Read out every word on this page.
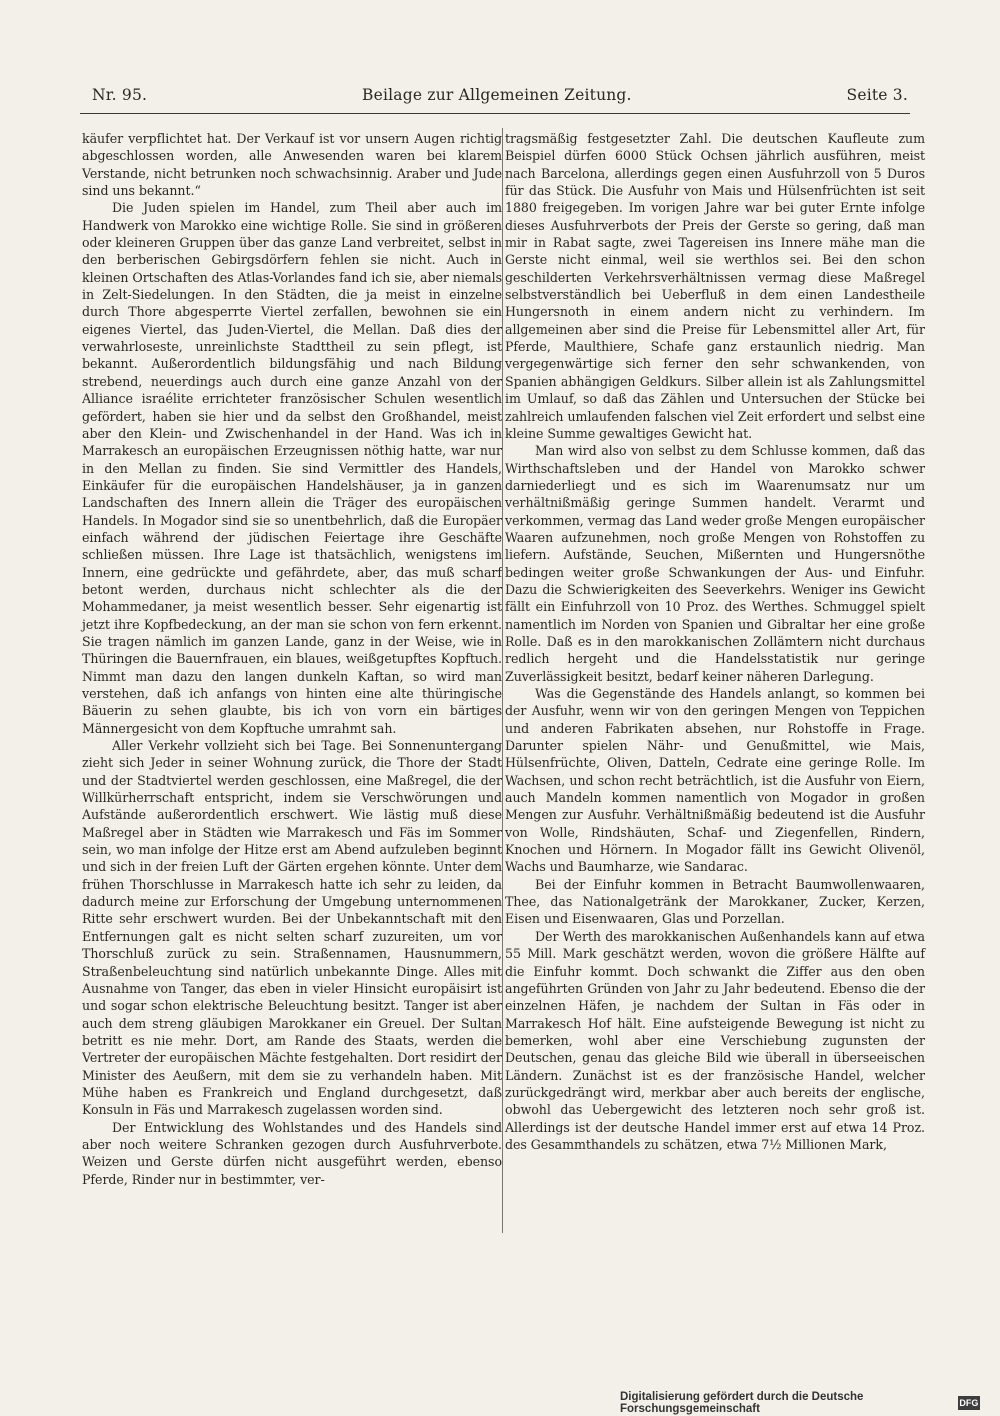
Nr. 95.	Beilage zur Allgemeinen Zeitung.	Seite 3.

käufer verpflichtet hat. Der Verkauf ist vor unsern Augen richtig abgeschlossen worden, alle Anwesenden waren bei klarem Verstande, nicht betrunken noch schwachsinnig. Araber und Jude sind uns bekannt.“

Die Juden spielen im Handel, zum Theil aber auch im Handwerk von Marokko eine wichtige Rolle. Sie sind in größeren oder kleineren Gruppen über das ganze Land verbreitet, selbst in den berberischen Gebirgsdörfern fehlen sie nicht. Auch in kleinen Ortschaften des Atlas-Vorlandes fand ich sie, aber niemals in Zelt-Siedelungen. In den Städten, die ja meist in einzelne durch Thore abgesperrte Viertel zerfallen, bewohnen sie ein eigenes Viertel, das Juden-Viertel, die Mellan. Daß dies der verwahrloseste, unreinlichste Stadttheil zu sein pflegt, ist bekannt. Außerordentlich bildungsfähig und nach Bildung strebend, neuerdings auch durch eine ganze Anzahl von der Alliance israélite errichteter französischer Schulen wesentlich gefördert, haben sie hier und da selbst den Großhandel, meist aber den Klein- und Zwischenhandel in der Hand. Was ich in Marrakesch an europäischen Erzeugnissen nöthig hatte, war nur in den Mellan zu finden. Sie sind Vermittler des Handels, Einkäufer für die europäischen Handelshäuser, ja in ganzen Landschaften des Innern allein die Träger des europäischen Handels. In Mogador sind sie so unentbehrlich, daß die Europäer einfach während der jüdischen Feiertage ihre Geschäfte schließen müssen. Ihre Lage ist thatsächlich, wenigstens im Innern, eine gedrückte und gefährdete, aber, das muß scharf betont werden, durchaus nicht schlechter als die der Mohammedaner, ja meist wesentlich besser. Sehr eigenartig ist jetzt ihre Kopfbedeckung, an der man sie schon von fern erkennt. Sie tragen nämlich im ganzen Lande, ganz in der Weise, wie in Thüringen die Bauernfrauen, ein blaues, weißgetupftes Kopftuch. Nimmt man dazu den langen dunkeln Kaftan, so wird man verstehen, daß ich anfangs von hinten eine alte thüringische Bäuerin zu sehen glaubte, bis ich von vorn ein bärtiges Männergesicht von dem Kopftuche umrahmt sah.

Aller Verkehr vollzieht sich bei Tage. Bei Sonnenuntergang zieht sich Jeder in seiner Wohnung zurück, die Thore der Stadt und der Stadtviertel werden geschlossen, eine Maßregel, die der Willkürherrschaft entspricht, indem sie Verschwörungen und Aufstände außerordentlich erschwert. Wie lästig muß diese Maßregel aber in Städten wie Marrakesch und Fäs im Sommer sein, wo man infolge der Hitze erst am Abend aufzuleben beginnt und sich in der freien Luft der Gärten ergehen könnte. Unter dem frühen Thorschlusse in Marrakesch hatte ich sehr zu leiden, da dadurch meine zur Erforschung der Umgebung unternommenen Ritte sehr erschwert wurden. Bei der Unbekanntschaft mit den Entfernungen galt es nicht selten scharf zuzureiten, um vor Thorschluß zurück zu sein. Straßennamen, Hausnummern, Straßenbeleuchtung sind natürlich unbekannte Dinge. Alles mit Ausnahme von Tanger, das eben in vieler Hinsicht europäisirt ist und sogar schon elektrische Beleuchtung besitzt. Tanger ist aber auch dem streng gläubigen Marokkaner ein Greuel. Der Sultan betritt es nie mehr. Dort, am Rande des Staats, werden die Vertreter der europäischen Mächte festgehalten. Dort residirt der Minister des Aeußern, mit dem sie zu verhandeln haben. Mit Mühe haben es Frankreich und England durchgesetzt, daß Konsuln in Fäs und Marrakesch zugelassen worden sind.

Der Entwicklung des Wohlstandes und des Handels sind aber noch weitere Schranken gezogen durch Ausfuhrverbote. Weizen und Gerste dürfen nicht ausgeführt werden, ebenso Pferde, Rinder nur in bestimmter, ver-

tragsmäßig festgesetzter Zahl. Die deutschen Kaufleute zum Beispiel dürfen 6000 Stück Ochsen jährlich ausführen, meist nach Barcelona, allerdings gegen einen Ausfuhrzoll von 5 Duros für das Stück. Die Ausfuhr von Mais und Hülsenfrüchten ist seit 1880 freigegeben. Im vorigen Jahre war bei guter Ernte infolge dieses Ausfuhrverbots der Preis der Gerste so gering, daß man mir in Rabat sagte, zwei Tagereisen ins Innere mähe man die Gerste nicht einmal, weil sie werthlos sei. Bei den schon geschilderten Verkehrsverhältnissen vermag diese Maßregel selbstverständlich bei Ueberfluß in dem einen Landestheile Hungersnoth in einem andern nicht zu verhindern. Im allgemeinen aber sind die Preise für Lebensmittel aller Art, für Pferde, Maulthiere, Schafe ganz erstaunlich niedrig. Man vergegenwärtige sich ferner den sehr schwankenden, von Spanien abhängigen Geldkurs. Silber allein ist als Zahlungsmittel im Umlauf, so daß das Zählen und Untersuchen der Stücke bei zahlreich umlaufenden falschen viel Zeit erfordert und selbst eine kleine Summe gewaltiges Gewicht hat.

Man wird also von selbst zu dem Schlusse kommen, daß das Wirthschaftsleben und der Handel von Marokko schwer darniederliegt und es sich im Waarenumsatz nur um verhältnißmäßig geringe Summen handelt. Verarmt und verkommen, vermag das Land weder große Mengen europäischer Waaren aufzunehmen, noch große Mengen von Rohstoffen zu liefern. Aufstände, Seuchen, Mißernten und Hungersnöthe bedingen weiter große Schwankungen der Aus- und Einfuhr. Dazu die Schwierigkeiten des Seeverkehrs. Weniger ins Gewicht fällt ein Einfuhrzoll von 10 Proz. des Werthes. Schmuggel spielt namentlich im Norden von Spanien und Gibraltar her eine große Rolle. Daß es in den marokkanischen Zollämtern nicht durchaus redlich hergeht und die Handelsstatistik nur geringe Zuverlässigkeit besitzt, bedarf keiner näheren Darlegung.

Was die Gegenstände des Handels anlangt, so kommen bei der Ausfuhr, wenn wir von den geringen Mengen von Teppichen und anderen Fabrikaten absehen, nur Rohstoffe in Frage. Darunter spielen Nähr- und Genußmittel, wie Mais, Hülsenfrüchte, Oliven, Datteln, Cedrate eine geringe Rolle. Im Wachsen, und schon recht beträchtlich, ist die Ausfuhr von Eiern, auch Mandeln kommen namentlich von Mogador in großen Mengen zur Ausfuhr. Verhältnißmäßig bedeutend ist die Ausfuhr von Wolle, Rindshäuten, Schaf- und Ziegenfellen, Rindern, Knochen und Hörnern. In Mogador fällt ins Gewicht Olivenöl, Wachs und Baumharze, wie Sandarac.

Bei der Einfuhr kommen in Betracht Baumwollenwaaren, Thee, das Nationalgetränk der Marokkaner, Zucker, Kerzen, Eisen und Eisenwaaren, Glas und Porzellan.

Der Werth des marokkanischen Außenhandels kann auf etwa 55 Mill. Mark geschätzt werden, wovon die größere Hälfte auf die Einfuhr kommt. Doch schwankt die Ziffer aus den oben angeführten Gründen von Jahr zu Jahr bedeutend. Ebenso die der einzelnen Häfen, je nachdem der Sultan in Fäs oder in Marrakesch Hof hält. Eine aufsteigende Bewegung ist nicht zu bemerken, wohl aber eine Verschiebung zugunsten der Deutschen, genau das gleiche Bild wie überall in überseeischen Ländern. Zunächst ist es der französische Handel, welcher zurückgedrängt wird, merkbar aber auch bereits der englische, obwohl das Uebergewicht des letzteren noch sehr groß ist. Allerdings ist der deutsche Handel immer erst auf etwa 14 Proz. des Gesammthandels zu schätzen, etwa 7½ Millionen Mark,

Digitalisierung gefördert durch die Deutsche Forschungsgemeinschaft	DFG
